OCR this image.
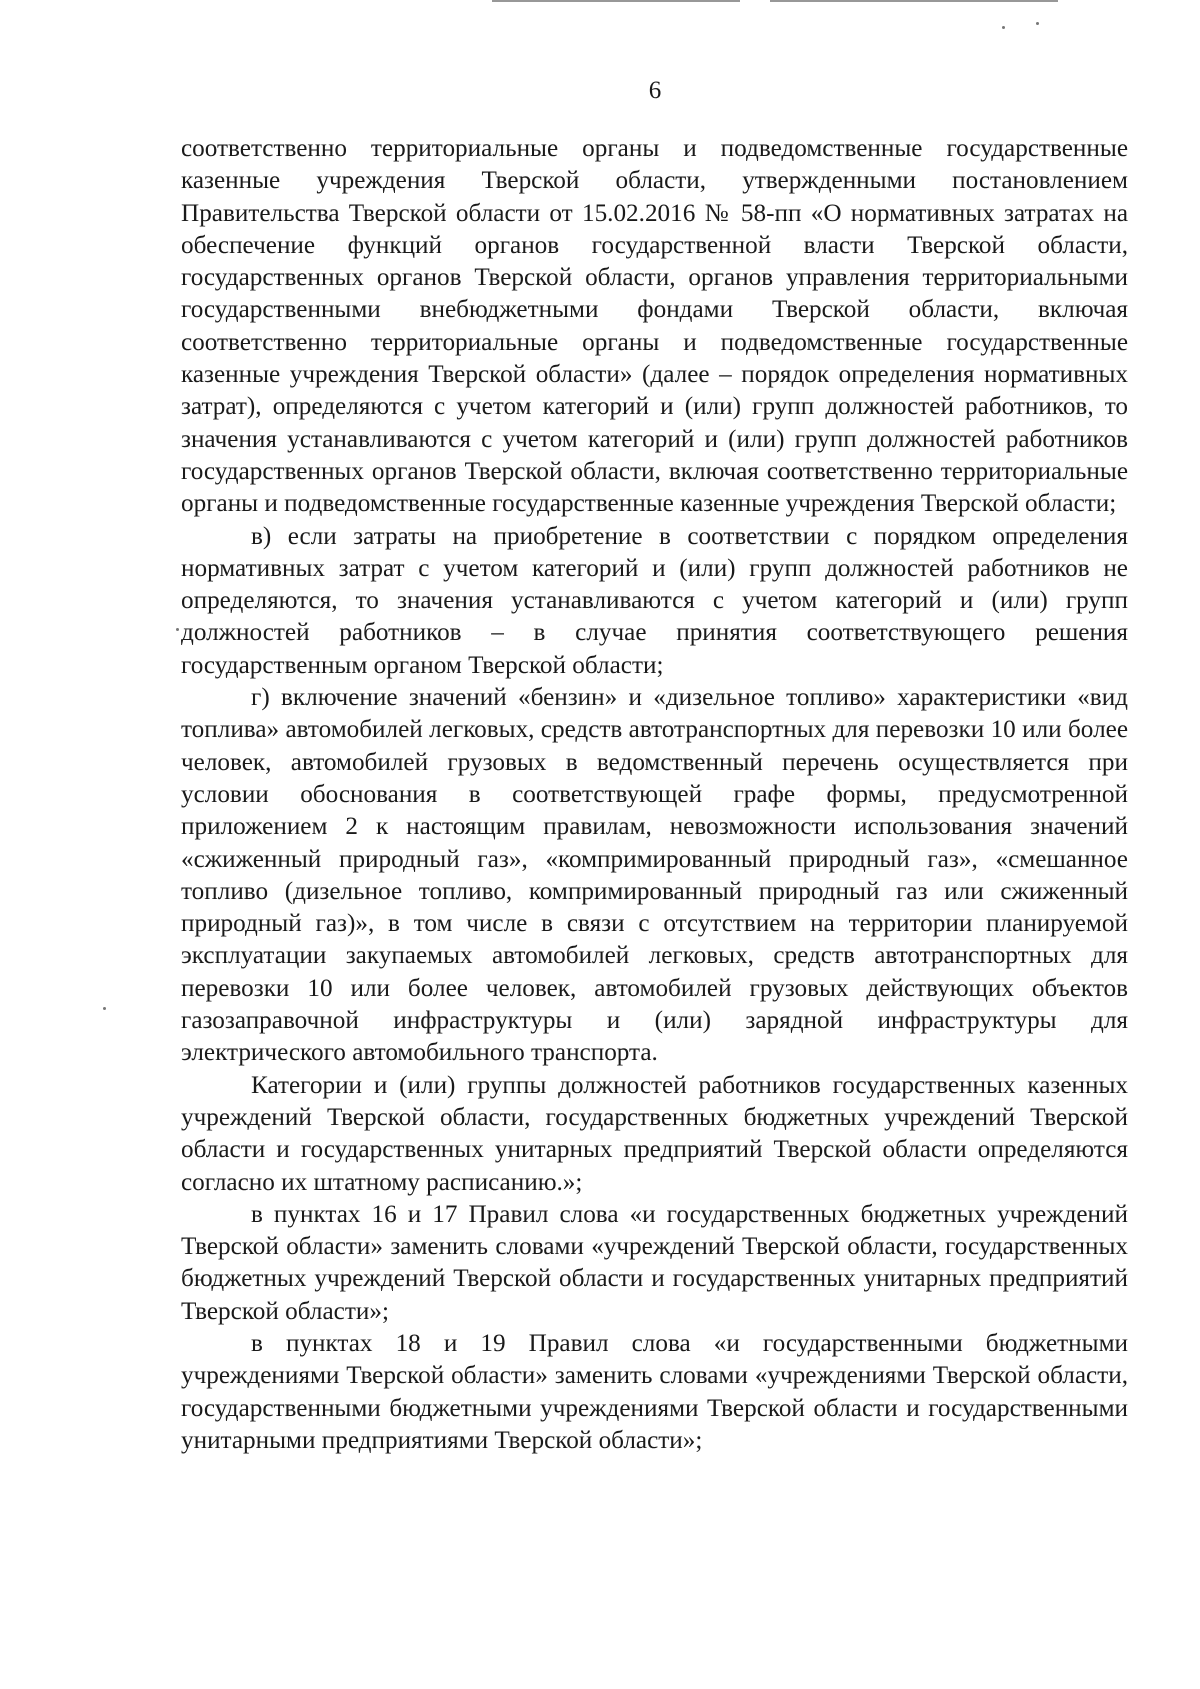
6

соответственно территориальные органы и подведомственные государственные казенные учреждения Тверской области, утвержденными постановлением Правительства Тверской области от 15.02.2016 № 58-пп «О нормативных затратах на обеспечение функций органов государственной власти Тверской области, государственных органов Тверской области, органов управления территориальными государственными внебюджетными фондами Тверской области, включая соответственно территориальные органы и подведомственные государственные казенные учреждения Тверской области» (далее – порядок определения нормативных затрат), определяются с учетом категорий и (или) групп должностей работников, то значения устанавливаются с учетом категорий и (или) групп должностей работников государственных органов Тверской области, включая соответственно территориальные органы и подведомственные государственные казенные учреждения Тверской области;

в) если затраты на приобретение в соответствии с порядком определения нормативных затрат с учетом категорий и (или) групп должностей работников не определяются, то значения устанавливаются с учетом категорий и (или) групп должностей работников – в случае принятия соответствующего решения государственным органом Тверской области;

г) включение значений «бензин» и «дизельное топливо» характеристики «вид топлива» автомобилей легковых, средств автотранспортных для перевозки 10 или более человек, автомобилей грузовых в ведомственный перечень осуществляется при условии обоснования в соответствующей графе формы, предусмотренной приложением 2 к настоящим правилам, невозможности использования значений «сжиженный природный газ», «компримированный природный газ», «смешанное топливо (дизельное топливо, компримированный природный газ или сжиженный природный газ)», в том числе в связи с отсутствием на территории планируемой эксплуатации закупаемых автомобилей легковых, средств автотранспортных для перевозки 10 или более человек, автомобилей грузовых действующих объектов газозаправочной инфраструктуры и (или) зарядной инфраструктуры для электрического автомобильного транспорта.

Категории и (или) группы должностей работников государственных казенных учреждений Тверской области, государственных бюджетных учреждений Тверской области и государственных унитарных предприятий Тверской области определяются согласно их штатному расписанию.»;

в пунктах 16 и 17 Правил слова «и государственных бюджетных учреждений Тверской области» заменить словами «учреждений Тверской области, государственных бюджетных учреждений Тверской области и государственных унитарных предприятий Тверской области»;

в пунктах 18 и 19 Правил слова «и государственными бюджетными учреждениями Тверской области» заменить словами «учреждениями Тверской области, государственными бюджетными учреждениями Тверской области и государственными унитарными предприятиями Тверской области»;
